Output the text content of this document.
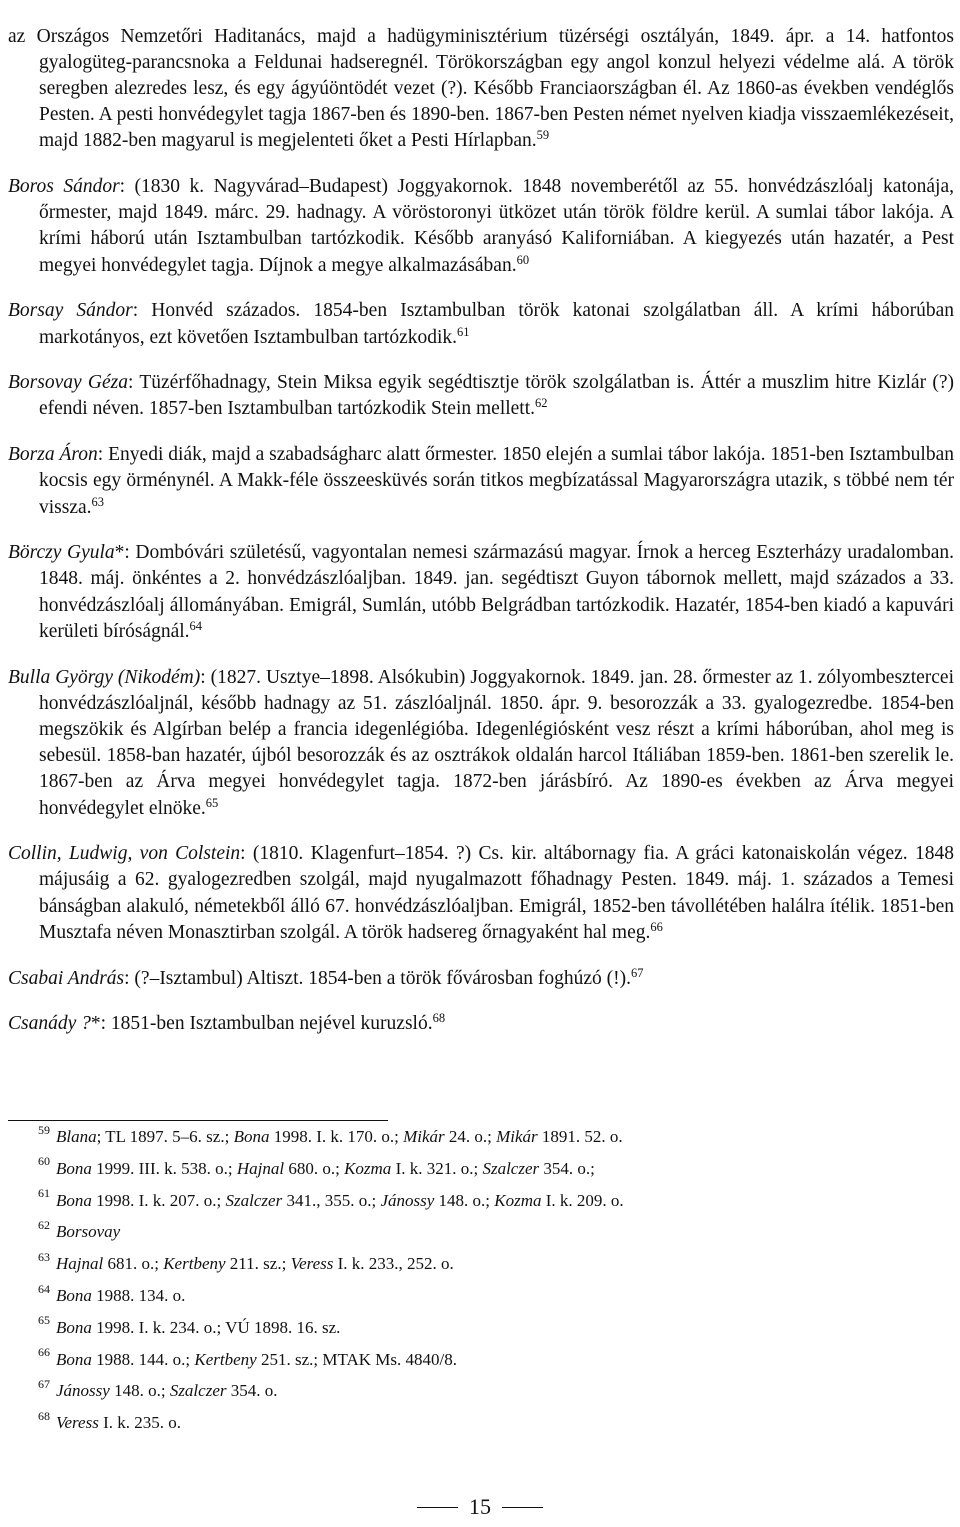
az Országos Nemzetőri Haditanács, majd a hadügyminisztérium tüzérségi osztályán, 1849. ápr. a 14. hatfontos gyalogüteg-parancsnoka a Feldunai hadseregnél. Törökországban egy angol konzul helyezi védelme alá. A török seregben alezredes lesz, és egy ágyúöntödét vezet (?). Később Franciaországban él. Az 1860-as években vendéglős Pesten. A pesti honvédegylet tagja 1867-ben és 1890-ben. 1867-ben Pesten német nyelven kiadja visszaemlékezéseit, majd 1882-ben magyarul is megjelenteti őket a Pesti Hírlapban.$^{59}$

Boros Sándor: (1830 k. Nagyvárad–Budapest) Joggyakornok. 1848 novemberétől az 55. honvédzászlóalj katonája, őrmester, majd 1849. márc. 29. hadnagy. A vöröstoronyi ütközet után török földre kerül. A sumlai tábor lakója. A krími háború után Isztambulban tartózkodik. Később aranyásó Kaliforniában. A kiegyezés után hazatér, a Pest megyei honvédegylet tagja. Díjnok a megye alkalmazásában.$^{60}$

Borsay Sándor: Honvéd százados. 1854-ben Isztambulban török katonai szolgálatban áll. A krími háborúban markotányos, ezt követően Isztambulban tartózkodik.$^{61}$

Borsovay Géza: Tüzérfőhadnagy, Stein Miksa egyik segédtisztje török szolgálatban is. Áttér a muszlim hitre Kizlár (?) efendi néven. 1857-ben Isztambulban tartózkodik Stein mellett.$^{62}$

Borza Áron: Enyedi diák, majd a szabadságharc alatt őrmester. 1850 elején a sumlai tábor lakója. 1851-ben Isztambulban kocsis egy örménynél. A Makk-féle összeesküvés során titkos megbízatással Magyarországra utazik, s többé nem tér vissza.$^{63}$

Börczy Gyula*: Dombóvári születésű, vagyontalan nemesi származású magyar. Írnok a herceg Eszterházy uradalomban. 1848. máj. önkéntes a 2. honvédzászlóaljban. 1849. jan. segédtiszt Guyon tábornok mellett, majd százados a 33. honvédzászlóalj állományában. Emigrál, Sumlán, utóbb Belgrádban tartózkodik. Hazatér, 1854-ben kiadó a kapuvári kerületi bíróságnál.$^{64}$

Bulla György (Nikodém): (1827. Usztye–1898. Alsókubin) Joggyakornok. 1849. jan. 28. őrmester az 1. zólyombesztercei honvédzászlóaljnál, később hadnagy az 51. zászlóaljnál. 1850. ápr. 9. besorozzák a 33. gyalogezredbe. 1854-ben megszökik és Algírban belép a francia idegenlégióba. Idegenlégiósként vesz részt a krími háborúban, ahol meg is sebesül. 1858-ban hazatér, újból besorozzák és az osztrákok oldalán harcol Itáliában 1859-ben. 1861-ben szerelik le. 1867-ben az Árva megyei honvédegylet tagja. 1872-ben járásbíró. Az 1890-es években az Árva megyei honvédegylet elnöke.$^{65}$

Collin, Ludwig, von Colstein: (1810. Klagenfurt–1854. ?) Cs. kir. altábornagy fia. A gráci katonaiskolán végez. 1848 májusáig a 62. gyalogezredben szolgál, majd nyugalmazott főhadnagy Pesten. 1849. máj. 1. százados a Temesi bánságban alakuló, németekből álló 67. honvédzászlóaljban. Emigrál, 1852-ben távollétében halálra ítélik. 1851-ben Musztafa néven Monasztirban szolgál. A török hadsereg őrnagyaként hal meg.$^{66}$

Csabai András: (?–Isztambul) Altiszt. 1854-ben a török fővárosban foghúzó (!).$^{67}$

Csanády ?*: 1851-ben Isztambulban nejével kuruzsló.$^{68}$

$^{59}$ Blana; TL 1897. 5–6. sz.; Bona 1998. I. k. 170. o.; Mikár 24. o.; Mikár 1891. 52. o.
$^{60}$ Bona 1999. III. k. 538. o.; Hajnal 680. o.; Kozma I. k. 321. o.; Szalczer 354. o.;
$^{61}$ Bona 1998. I. k. 207. o.; Szalczer 341., 355. o.; Jánossy 148. o.; Kozma I. k. 209. o.
$^{62}$ Borsovay
$^{63}$ Hajnal 681. o.; Kertbeny 211. sz.; Veress I. k. 233., 252. o.
$^{64}$ Bona 1988. 134. o.
$^{65}$ Bona 1998. I. k. 234. o.; VÚ 1898. 16. sz.
$^{66}$ Bona 1988. 144. o.; Kertbeny 251. sz.; MTAK Ms. 4840/8.
$^{67}$ Jánossy 148. o.; Szalczer 354. o.
$^{68}$ Veress I. k. 235. o.
15
